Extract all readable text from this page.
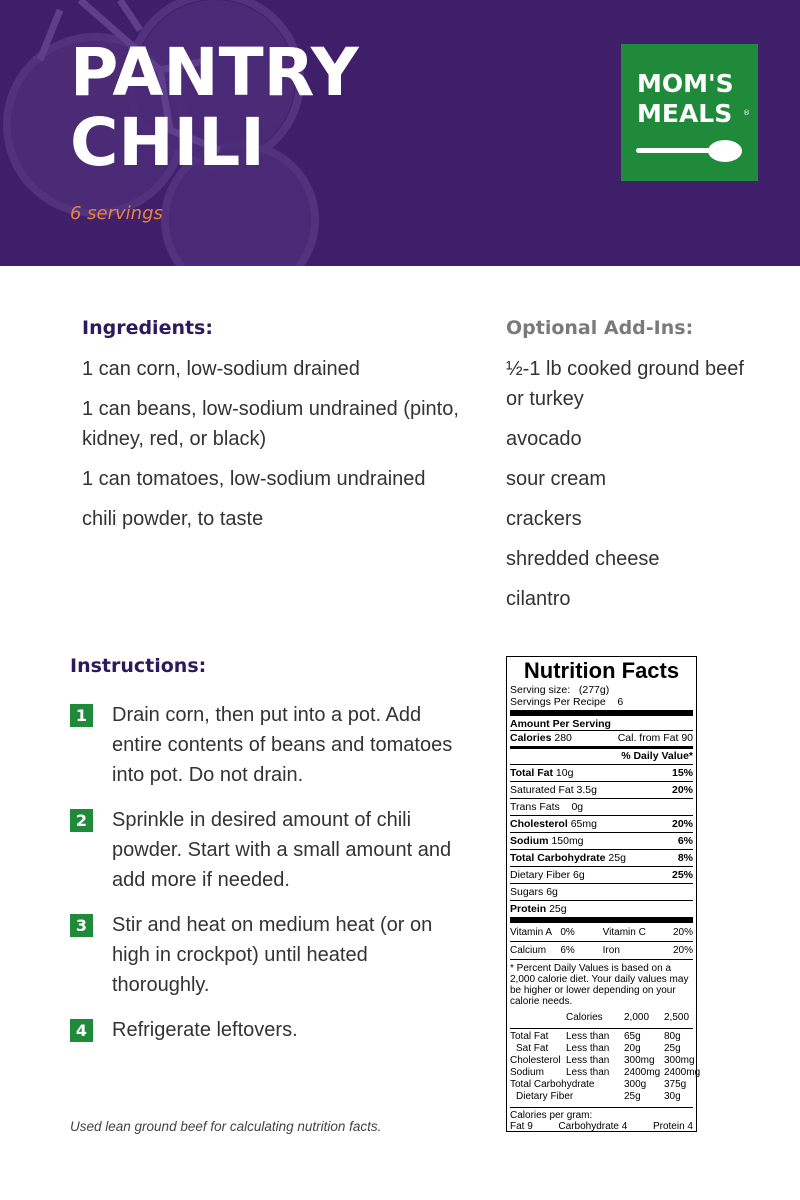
PANTRY
CHILI
6 servings
MOM'S
MEALS ®
Ingredients:
1 can corn, low-sodium drained
1 can beans, low-sodium undrained (pinto, kidney, red, or black)
1 can tomatoes, low-sodium undrained
chili powder, to taste
Optional Add-Ins:
½-1 lb cooked ground beef or turkey
avocado
sour cream
crackers
shredded cheese
cilantro
Instructions:
1 Drain corn, then put into a pot. Add entire contents of beans and tomatoes into pot. Do not drain.
2 Sprinkle in desired amount of chili powder. Start with a small amount and add more if needed.
3 Stir and heat on medium heat (or on high in crockpot) until heated thoroughly.
4 Refrigerate leftovers.
Used lean ground beef for calculating nutrition facts.
Nutrition Facts
Serving size: (277g)
Servings Per Recipe 6
Amount Per Serving
Calories 280	Cal. from Fat 90
% Daily Value*
Total Fat 10g	15%
Saturated Fat 3.5g	20%
Trans Fats 0g
Cholesterol 65mg	20%
Sodium 150mg	6%
Total Carbohydrate 25g	8%
Dietary Fiber 6g	25%
Sugars 6g
Protein 25g
Vitamin A 0%	Vitamin C	20%
Calcium	6%	Iron	20%
* Percent Daily Values is based on a 2,000 calorie diet. Your daily values may be higher or lower depending on your calorie needs.
Calories	2,000	2,500
Total Fat	Less than	65g	80g
Sat Fat	Less than	20g	25g
Cholesterol Less than	300mg 300mg
Sodium	Less than	2400mg 2400mg
Total Carbohydrate	300g	375g
Dietary Fiber	25g	30g
Calories per gram:
Fat 9	Carbohydrate 4	Protein 4
